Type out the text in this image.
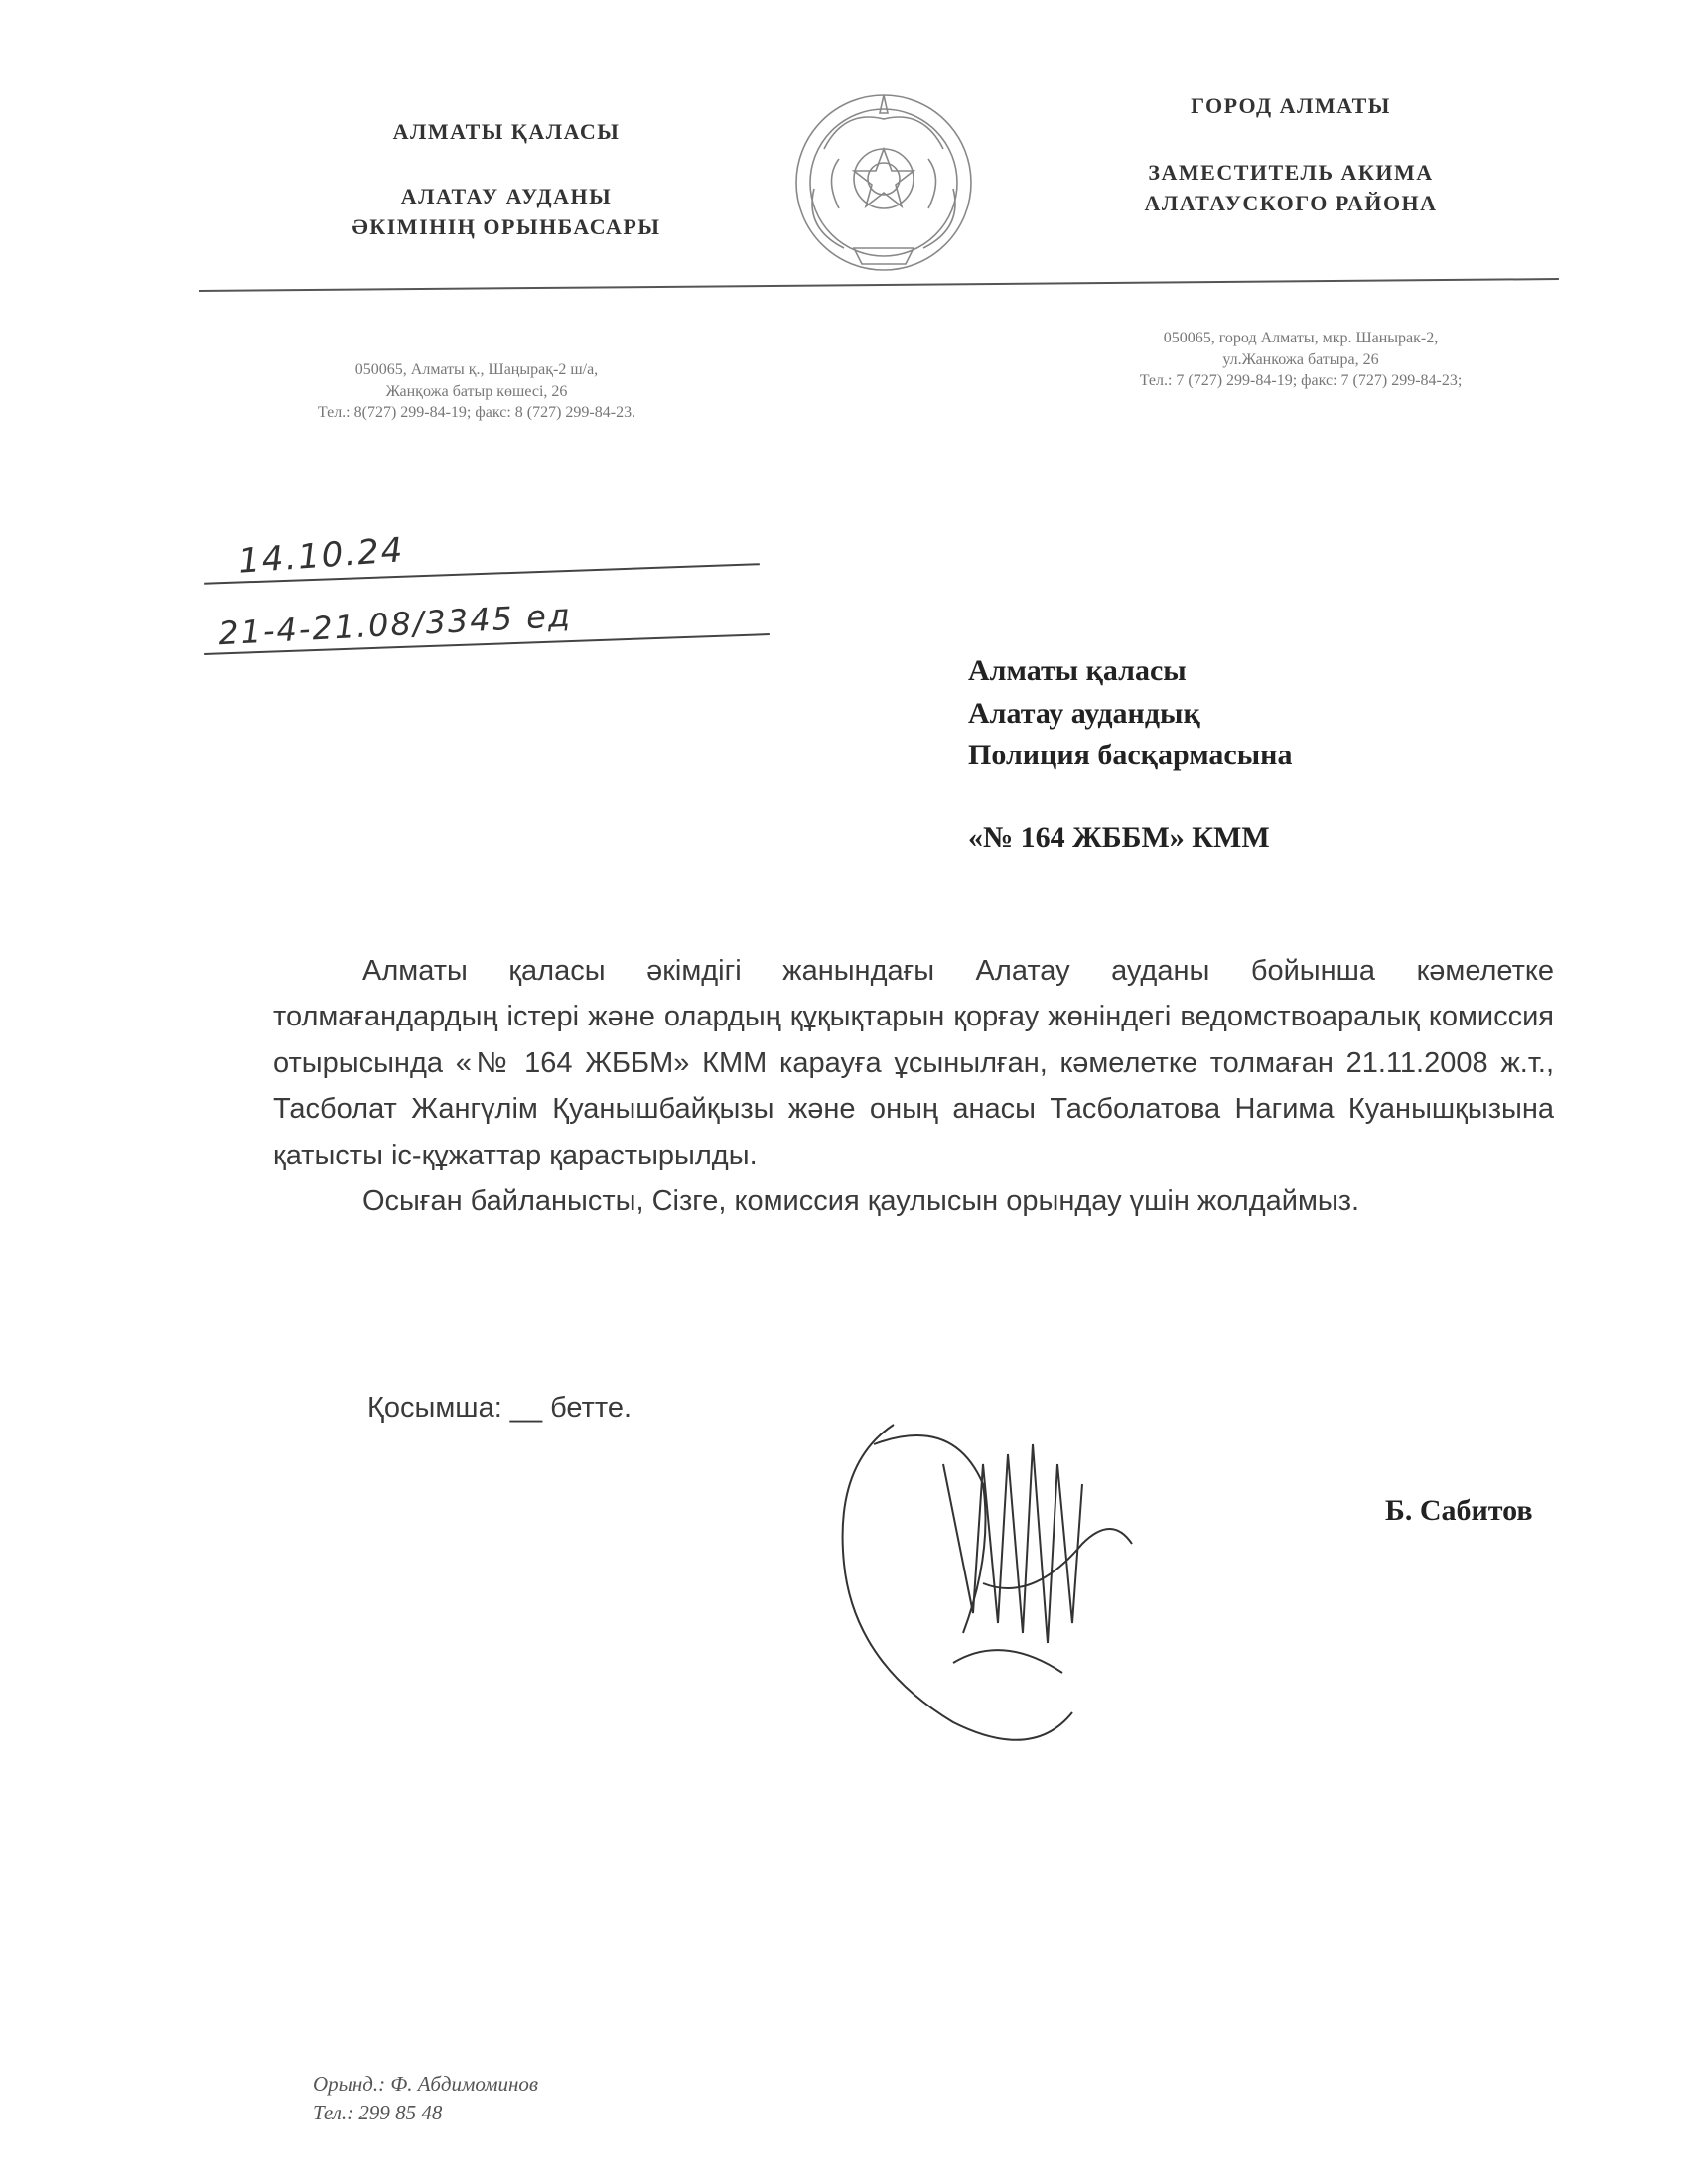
АЛМАТЫ ҚАЛАСЫ
АЛАТАУ АУДАНЫ
ӘКІМІНІҢ ОРЫНБАСАРЫ
ГОРОД АЛМАТЫ
ЗАМЕСТИТЕЛЬ АКИМА
АЛАТАУСКОГО РАЙОНА
050065, Алматы қ., Шаңырақ-2 ш/а,
Жанқожа батыр көшесі, 26
Тел.: 8(727) 299-84-19; факс: 8 (727) 299-84-23.
050065, город Алматы, мкр. Шанырак-2,
ул.Жанкожа батыра, 26
Тел.: 7 (727) 299-84-19; факс: 7 (727) 299-84-23;
14.10.24
21-4-21.08/3345 ед
Алматы қаласы
Алатау аудандық
Полиция басқармасына
«№ 164 ЖББМ» КММ

Алматы қаласы әкімдігі жанындағы Алатау ауданы бойынша кәмелетке толмағандардың істері және олардың құқықтарын қорғау жөніндегі ведомствоаралық комиссия отырысында «№ 164 ЖББМ» КММ карауға ұсынылған, кәмелетке толмаған 21.11.2008 ж.т., Тасболат Жангүлім Қуанышбайқызы және оның анасы Тасболатова Нагима Куанышқызына қатысты іс-құжаттар қарастырылды.

Осыған байланысты, Сізге, комиссия қаулысын орындау үшін жолдаймыз.

Қосымша: __ бетте.
Б. Сабитов
Орынд.: Ф. Абдимоминов
Тел.: 299 85 48
